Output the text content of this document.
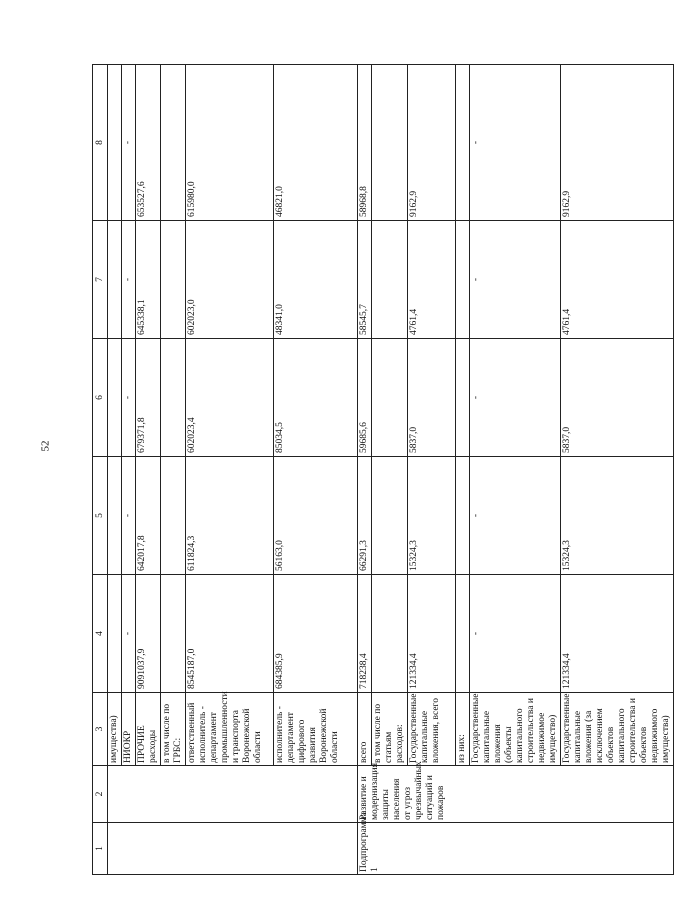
52
1	2	3	4	5	6	7	8
		имущества)					
		НИОКР	-	-	-	-	-

		ПРОЧИЕ расходы	9091037,9	642017,8	679371,8	645338,1	653527,6
		в том числе по ГРБС:					
		ответственный исполнитель - департамент промышленности и транспорта Воронежской области	8545187,0	611824,3	602023,4	602023,0	615980,0
		исполнитель - департамент цифрового развития Воронежской области	684385,9	56163,0	85034,5	48341,0	46821,0
Подпрограмма 1	Развитие и модернизация защиты населения от угроз чрезвычайных ситуаций и пожаров	всего	718238,4	66291,3	59685,6	58545,7	58968,8
		в том числе по статьям расходов:					
		Государственные капитальные вложения, всего	121334,4	15324,3	5837,0	4761,4	9162,9
		из них:					
		Государственные капитальные вложения (объекты капитального строительства и недвижимое имущество)	-	-	-	-	-

		Государственные капитальные вложения (за исключением объектов капитального строительства и объектов недвижимого имущества)	121334,4	15324,3	5837,0	4761,4	9162,9
